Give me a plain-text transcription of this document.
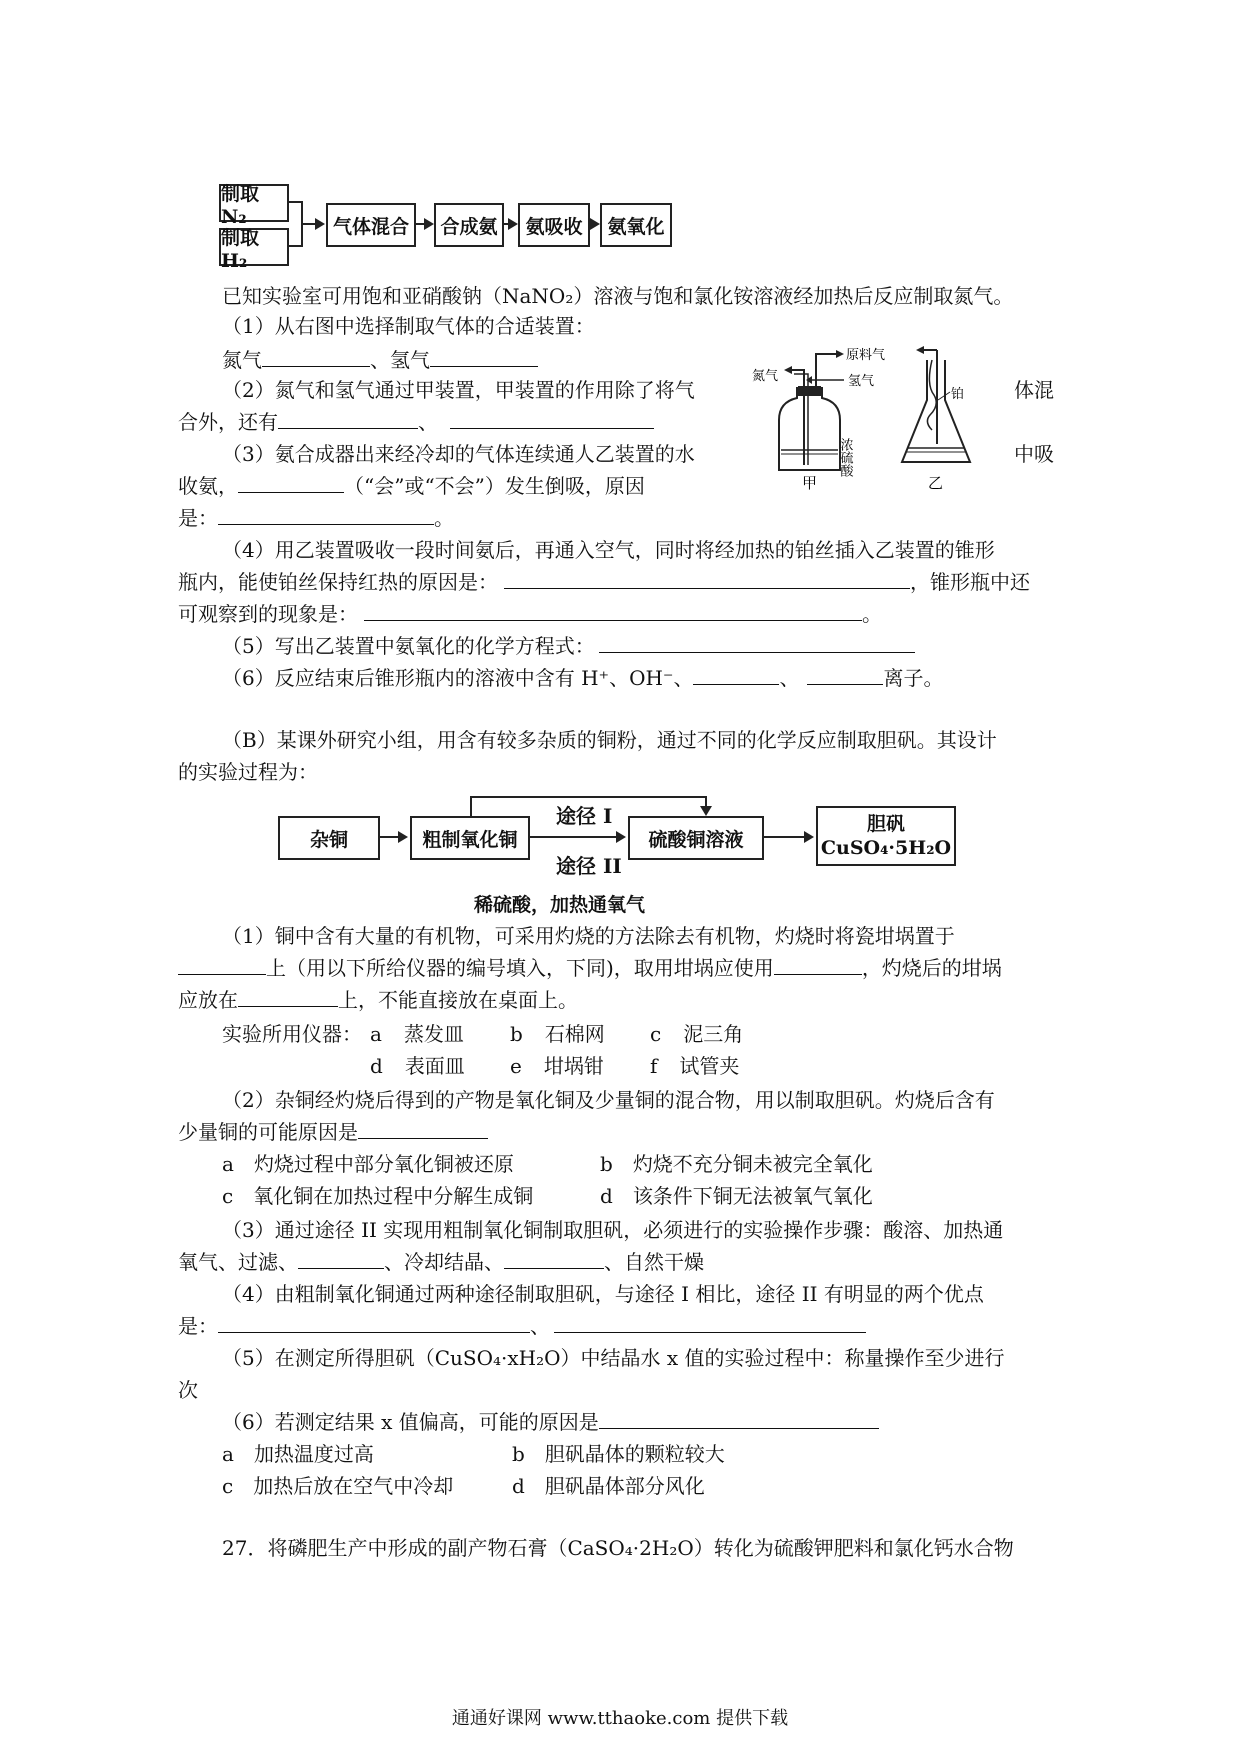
制取 N₂
制取 H₂
气体混合	合成氨	氨吸收	氨氧化
已知实验室可用饱和亚硝酸钠（NaNO₂）溶液与饱和氯化铵溶液经加热后反应制取氮气。
（1）从右图中选择制取气体的合适装置：
氮气	、氢气
（2）氮气和氢气通过甲装置，甲装置的作用除了将气	体混
合外，还有	、
（3）氨合成器出来经冷却的气体连续通人乙装置的水	中吸
收氨，	（“会”或“不会”）发生倒吸，原因
是：	。
氮气
原料气
氢气
浓硫酸
甲
铂
乙
（4）用乙装置吸收一段时间氨后，再通入空气，同时将经加热的铂丝插入乙装置的锥形
瓶内，能使铂丝保持红热的原因是：	，锥形瓶中还
可观察到的现象是：	。
（5）写出乙装置中氨氧化的化学方程式：
（6）反应结束后锥形瓶内的溶液中含有 H⁺、OH⁻、	、	离子。
（B）某课外研究小组，用含有较多杂质的铜粉，通过不同的化学反应制取胆矾。其设计
的实验过程为：
杂铜	粗制氧化铜
途径 I
途径 II
硫酸铜溶液
胆矾
CuSO₄·5H₂O
稀硫酸，加热通氧气
（1）铜中含有大量的有机物，可采用灼烧的方法除去有机物，灼烧时将瓷坩埚置于
上（用以下所给仪器的编号填入，下同)，取用坩埚应使用	，灼烧后的坩埚
应放在	上，不能直接放在桌面上。
实验所用仪器： a 蒸发皿 b 石棉网 c 泥三角
d 表面皿 e 坩埚钳 f 试管夹
（2）杂铜经灼烧后得到的产物是氧化铜及少量铜的混合物，用以制取胆矾。灼烧后含有
少量铜的可能原因是
a 灼烧过程中部分氧化铜被还原	b 灼烧不充分铜未被完全氧化
c 氧化铜在加热过程中分解生成铜	d 该条件下铜无法被氧气氧化
（3）通过途径 II 实现用粗制氧化铜制取胆矾，必须进行的实验操作步骤：酸溶、加热通
氧气、过滤、	、冷却结晶、	、自然干燥
（4）由粗制氧化铜通过两种途径制取胆矾，与途径 I 相比，途径 II 有明显的两个优点
是：	、
（5）在测定所得胆矾（CuSO₄·xH₂O）中结晶水 x 值的实验过程中：称量操作至少进行
次
（6）若测定结果 x 值偏高，可能的原因是
a 加热温度过高	b 胆矾晶体的颗粒较大
c 加热后放在空气中冷却	d 胆矾晶体部分风化
27．将磷肥生产中形成的副产物石膏（CaSO₄·2H₂O）转化为硫酸钾肥料和氯化钙水合物
通通好课网 www.tthaoke.com 提供下载
